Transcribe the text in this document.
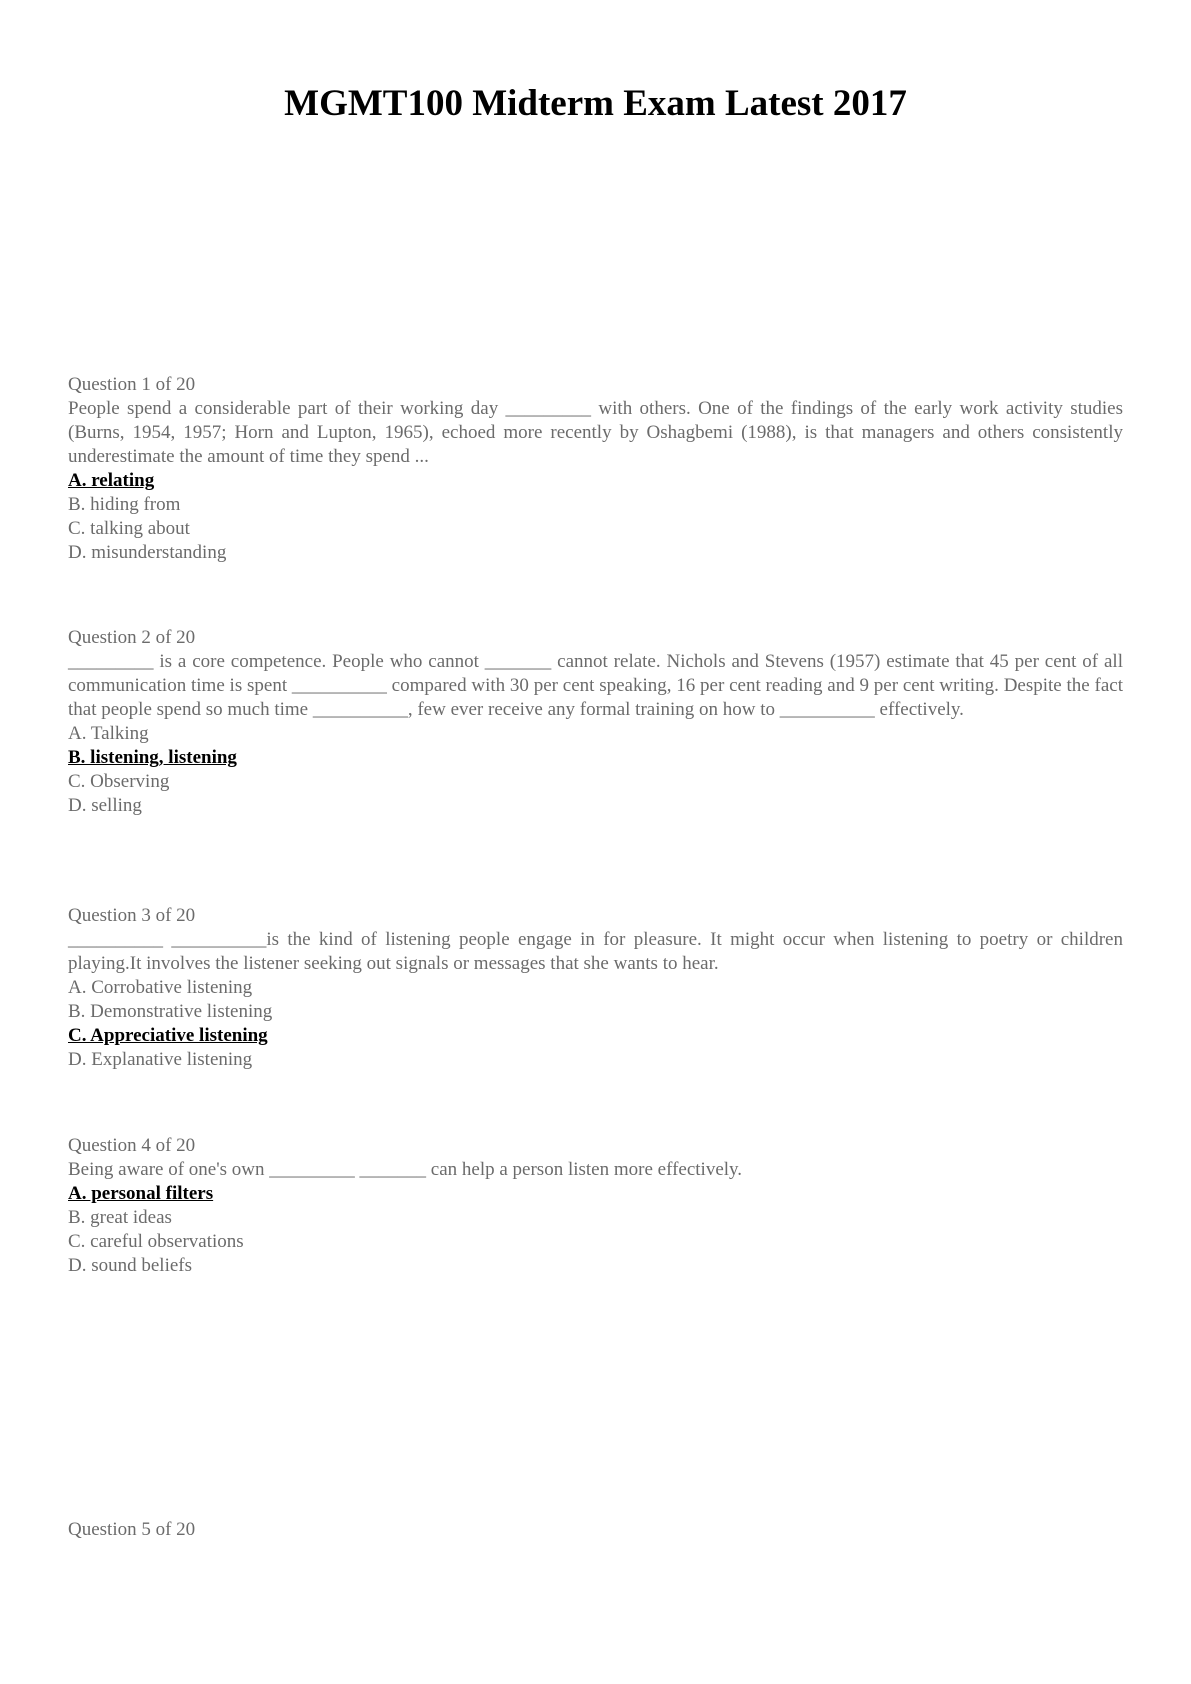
MGMT100 Midterm Exam Latest 2017
Question 1 of 20
People spend a considerable part of their working day _________ with others. One of the findings of the early work activity studies (Burns, 1954, 1957; Horn and Lupton, 1965), echoed more recently by Oshagbemi (1988), is that managers and others consistently underestimate the amount of time they spend ...
A. relating
B. hiding from
C. talking about
D. misunderstanding
Question 2 of 20
_________ is a core competence. People who cannot _______ cannot relate. Nichols and Stevens (1957) estimate that 45 per cent of all communication time is spent __________ compared with 30 per cent speaking, 16 per cent reading and 9 per cent writing. Despite the fact that people spend so much time __________, few ever receive any formal training on how to __________ effectively.
A. Talking
B. listening, listening
C. Observing
D. selling
Question 3 of 20
__________ __________is the kind of listening people engage in for pleasure. It might occur when listening to poetry or children playing.It involves the listener seeking out signals or messages that she wants to hear.
A. Corrobative listening
B. Demonstrative listening
C. Appreciative listening
D. Explanative listening
Question 4 of 20
Being aware of one's own _________ _______ can help a person listen more effectively.
A. personal filters
B. great ideas
C. careful observations
D. sound beliefs
Question 5 of 20
